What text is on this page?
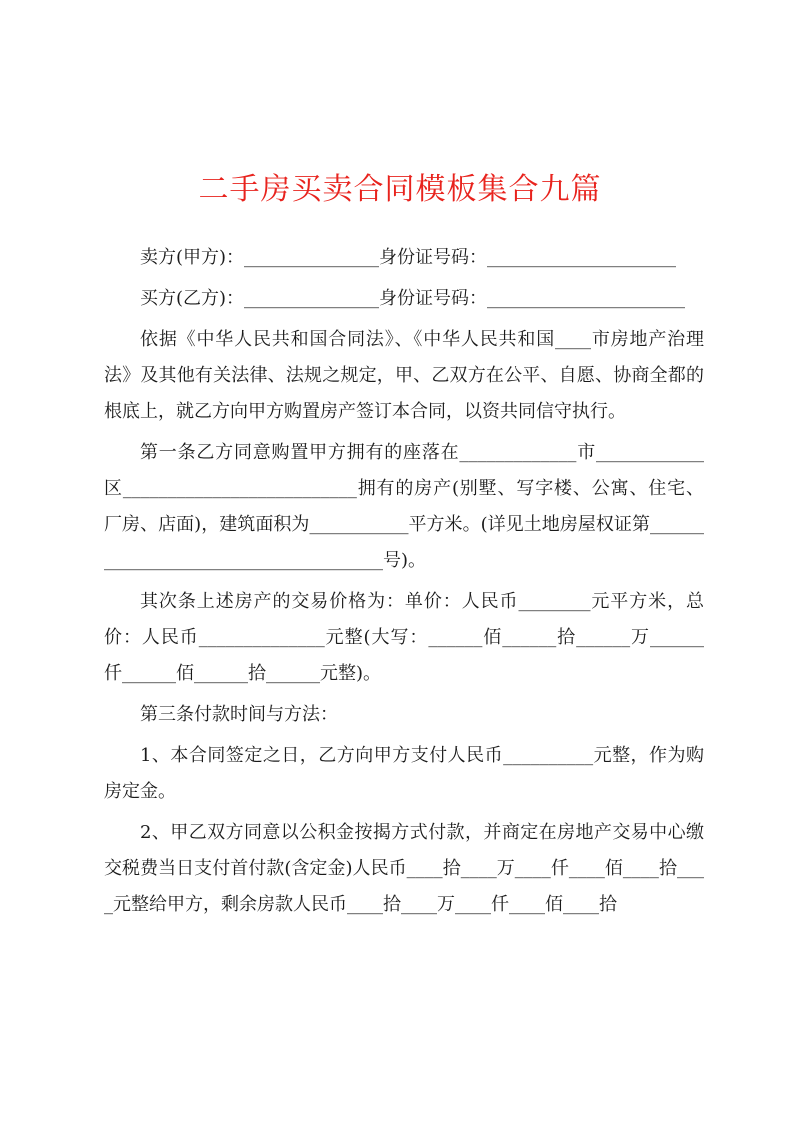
二手房买卖合同模板集合九篇

卖方(甲方)：_______________身份证号码：_____________________

买方(乙方)：_______________身份证号码：______________________

依据《中华人民共和国合同法》、《中华人民共和国____市房地产治理法》及其他有关法律、法规之规定，甲、乙双方在公平、自愿、协商全都的根底上，就乙方向甲方购置房产签订本合同，以资共同信守执行。

第一条乙方同意购置甲方拥有的座落在_____________市____________区__________________________拥有的房产(别墅、写字楼、公寓、住宅、厂房、店面)，建筑面积为___________平方米。(详见土地房屋权证第_____________________________________号)。

其次条上述房产的交易价格为：单价：人民币________元平方米，总价：人民币______________元整(大写：______佰______拾______万______仟______佰______拾______元整)。

第三条付款时间与方法：

1、本合同签定之日，乙方向甲方支付人民币__________元整，作为购房定金。

2、甲乙双方同意以公积金按揭方式付款，并商定在房地产交易中心缴交税费当日支付首付款(含定金)人民币____拾____万____仟____佰____拾____元整给甲方，剩余房款人民币____拾____万____仟____佰____拾
